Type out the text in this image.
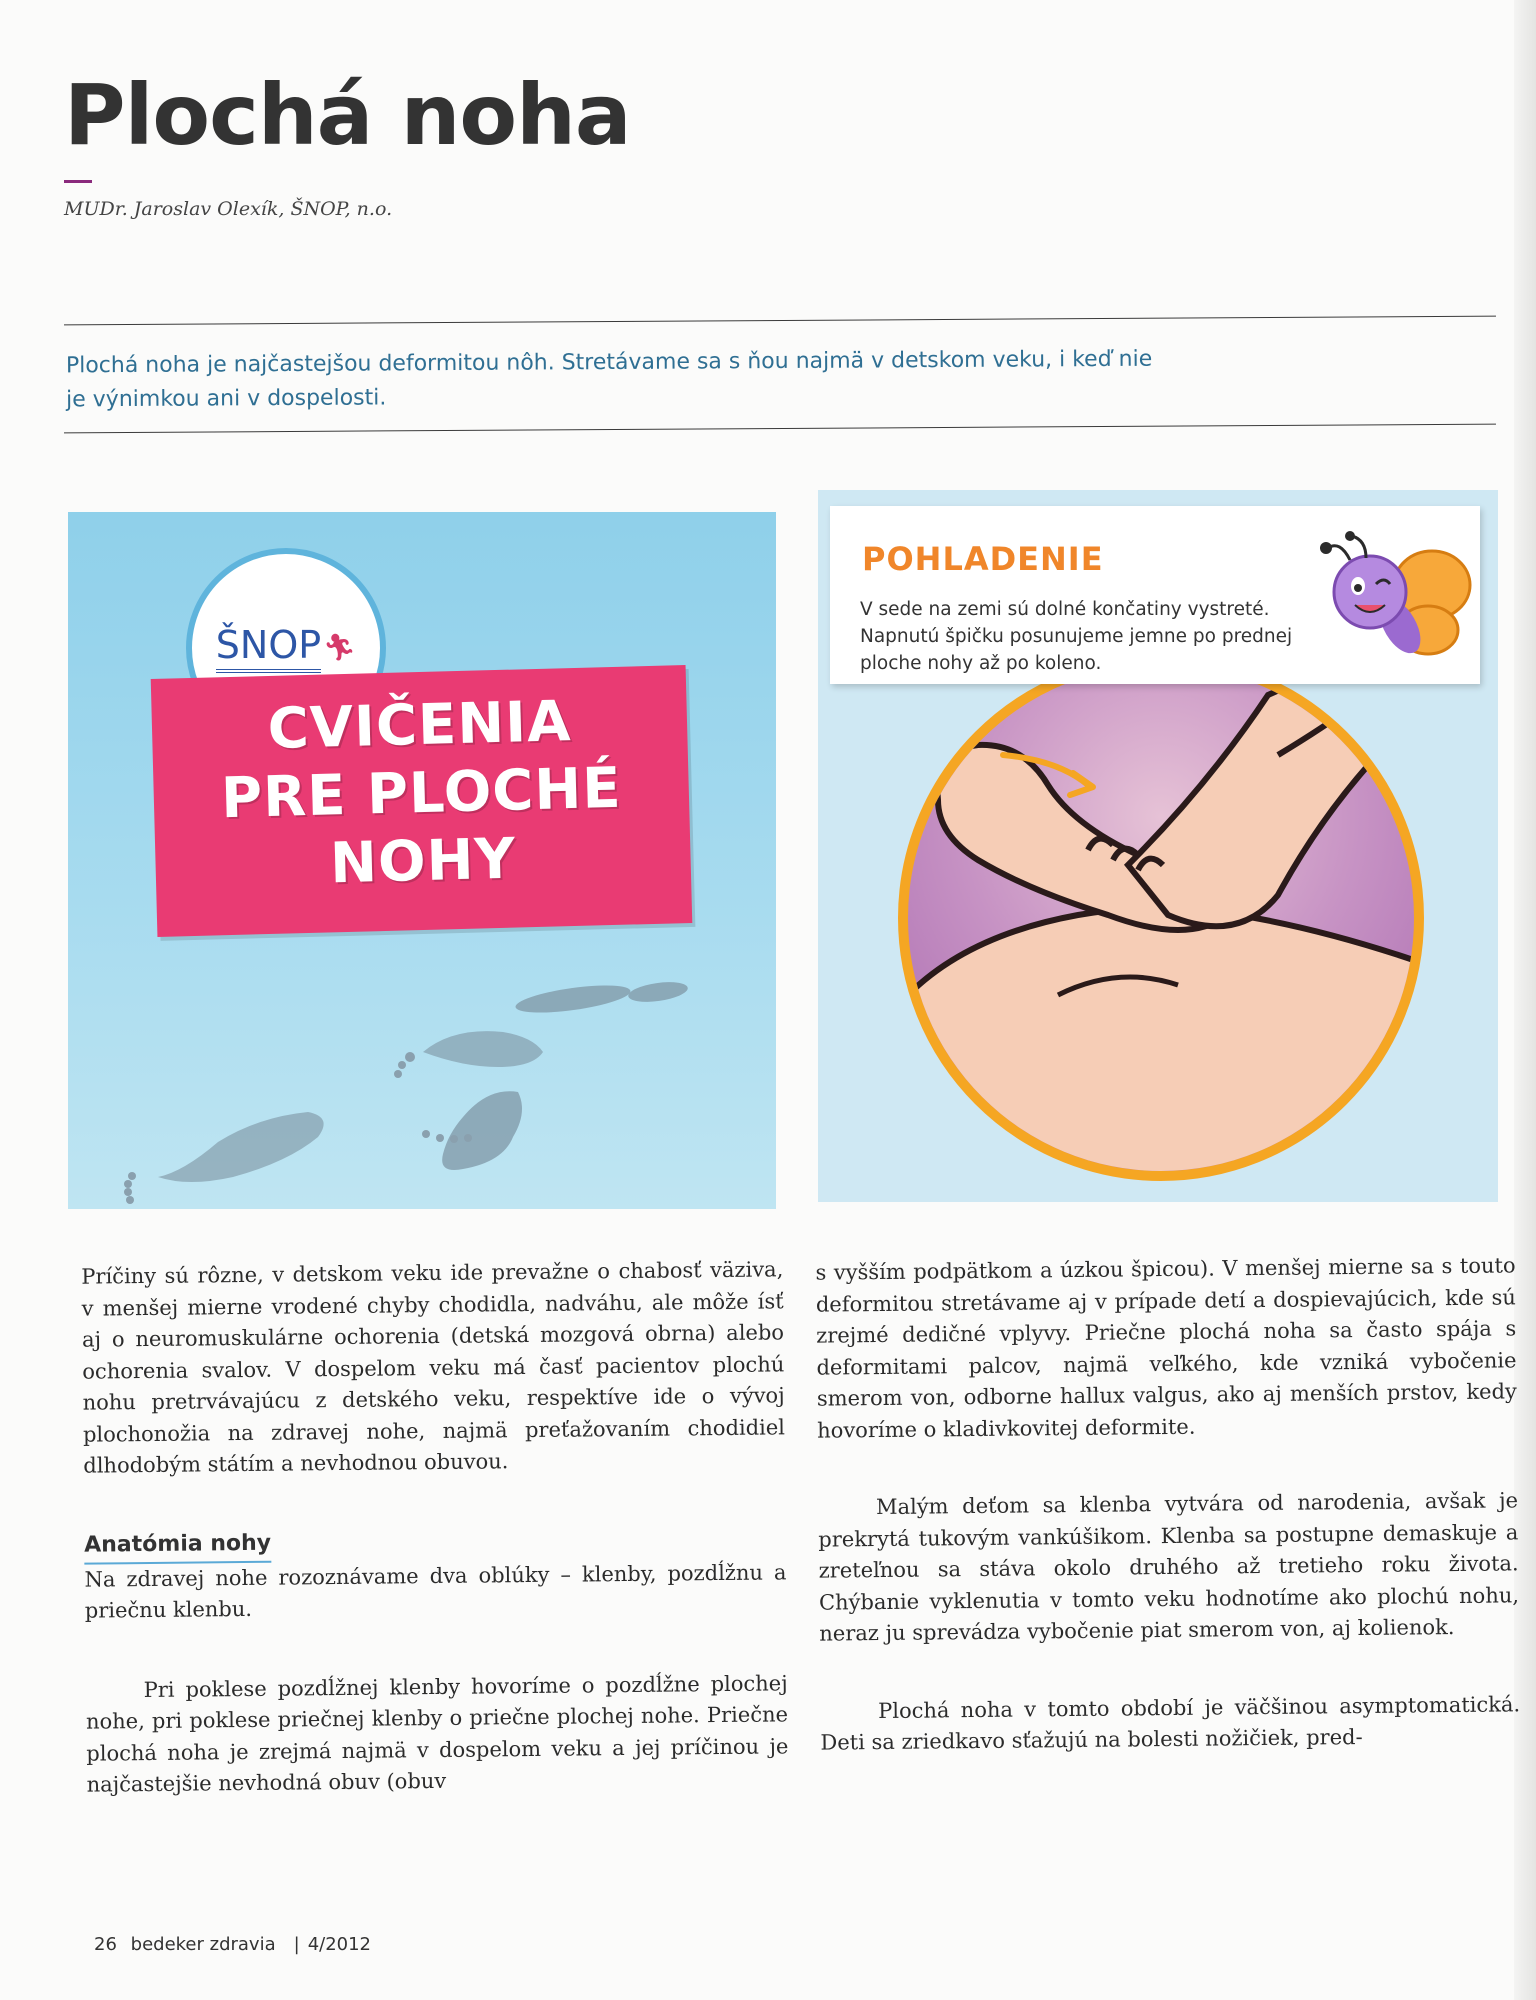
Plochá noha
MUDr. Jaroslav Olexík, ŠNOP, n.o.
Plochá noha je najčastejšou deformitou nôh. Stretávame sa s ňou najmä v detskom veku, i keď nie je výnimkou ani v dospelosti.
ŠNOP 🏃︎
CVIČENIA
PRE PLOCHÉ
NOHY
POHLADENIE
V sede na zemi sú dolné končatiny vystreté. Napnutú špičku posunujeme jemne po prednej ploche nohy až po koleno.

Príčiny sú rôzne, v detskom veku ide prevažne o chabosť väziva, v menšej mierne vrodené chyby chodidla, nadváhu, ale môže ísť aj o neuromuskulárne ochorenia (detská mozgová obrna) alebo ochorenia svalov. V dospelom veku má časť pacientov plochú nohu pretrvávajúcu z detského veku, respektíve ide o vývoj plochonožia na zdravej nohe, najmä preťažovaním chodidiel dlhodobým státím a nevhodnou obuvou.

Anatómia nohy

Na zdravej nohe rozoznávame dva oblúky – klenby, pozdĺžnu a priečnu klenbu.

Pri poklese pozdĺžnej klenby hovoríme o pozdĺžne plochej nohe, pri poklese priečnej klenby o priečne plochej nohe. Priečne plochá noha je zrejmá najmä v dospelom veku a jej príčinou je najčastejšie nevhodná obuv (obuv

s vyšším podpätkom a úzkou špicou). V menšej mierne sa s touto deformitou stretávame aj v prípade detí a dospievajúcich, kde sú zrejmé dedičné vplyvy. Priečne plochá noha sa často spája s deformitami palcov, najmä veľkého, kde vzniká vybočenie smerom von, odborne hallux valgus, ako aj menších prstov, kedy hovoríme o kladivkovitej deformite.

Malým deťom sa klenba vytvára od narodenia, avšak je prekrytá tukovým vankúšikom. Klenba sa postupne demaskuje a zreteľnou sa stáva okolo druhého až tretieho roku života. Chýbanie vyklenutia v tomto veku hodnotíme ako plochú nohu, neraz ju sprevádza vybočenie piat smerom von, aj kolienok.

Plochá noha v tomto období je väčšinou asymptomatická. Deti sa zriedkavo sťažujú na bolesti nožičiek, pred-

26 bedeker zdravia | 4/2012
